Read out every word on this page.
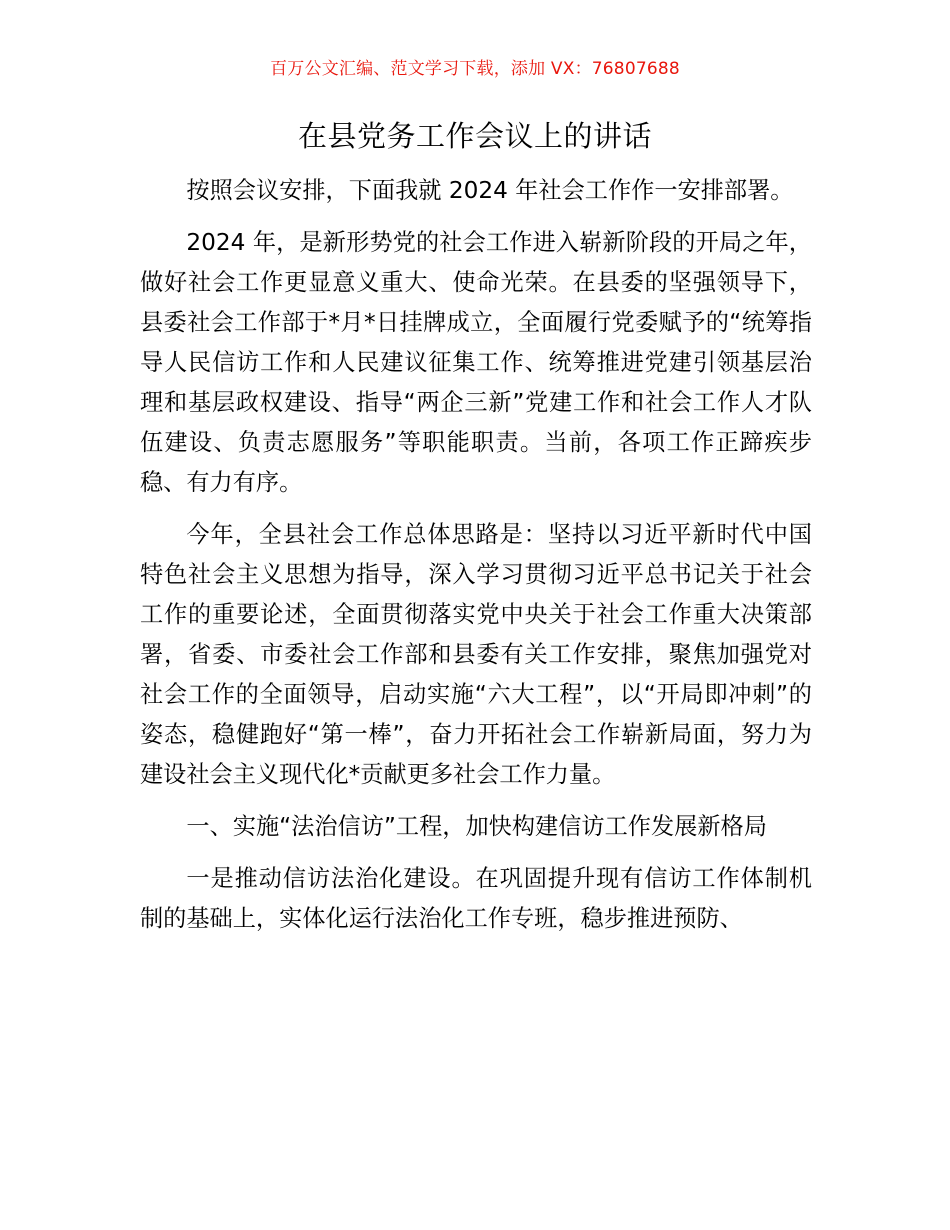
百万公文汇编、范文学习下载，添加 VX：76807688
在县党务工作会议上的讲话

按照会议安排，下面我就 2024 年社会工作作一安排部署。

2024 年，是新形势党的社会工作进入崭新阶段的开局之年，做好社会工作更显意义重大、使命光荣。在县委的坚强领导下，县委社会工作部于*月*日挂牌成立，全面履行党委赋予的“统筹指导人民信访工作和人民建议征集工作、统筹推进党建引领基层治理和基层政权建设、指导“两企三新”党建工作和社会工作人才队伍建设、负责志愿服务”等职能职责。当前，各项工作正蹄疾步稳、有力有序。

今年，全县社会工作总体思路是：坚持以习近平新时代中国特色社会主义思想为指导，深入学习贯彻习近平总书记关于社会工作的重要论述，全面贯彻落实党中央关于社会工作重大决策部署，省委、市委社会工作部和县委有关工作安排，聚焦加强党对社会工作的全面领导，启动实施“六大工程”，以“开局即冲刺”的姿态，稳健跑好“第一棒”，奋力开拓社会工作崭新局面，努力为建设社会主义现代化*贡献更多社会工作力量。

一、实施“法治信访”工程，加快构建信访工作发展新格局

一是推动信访法治化建设。在巩固提升现有信访工作体制机制的基础上，实体化运行法治化工作专班，稳步推进预防、
